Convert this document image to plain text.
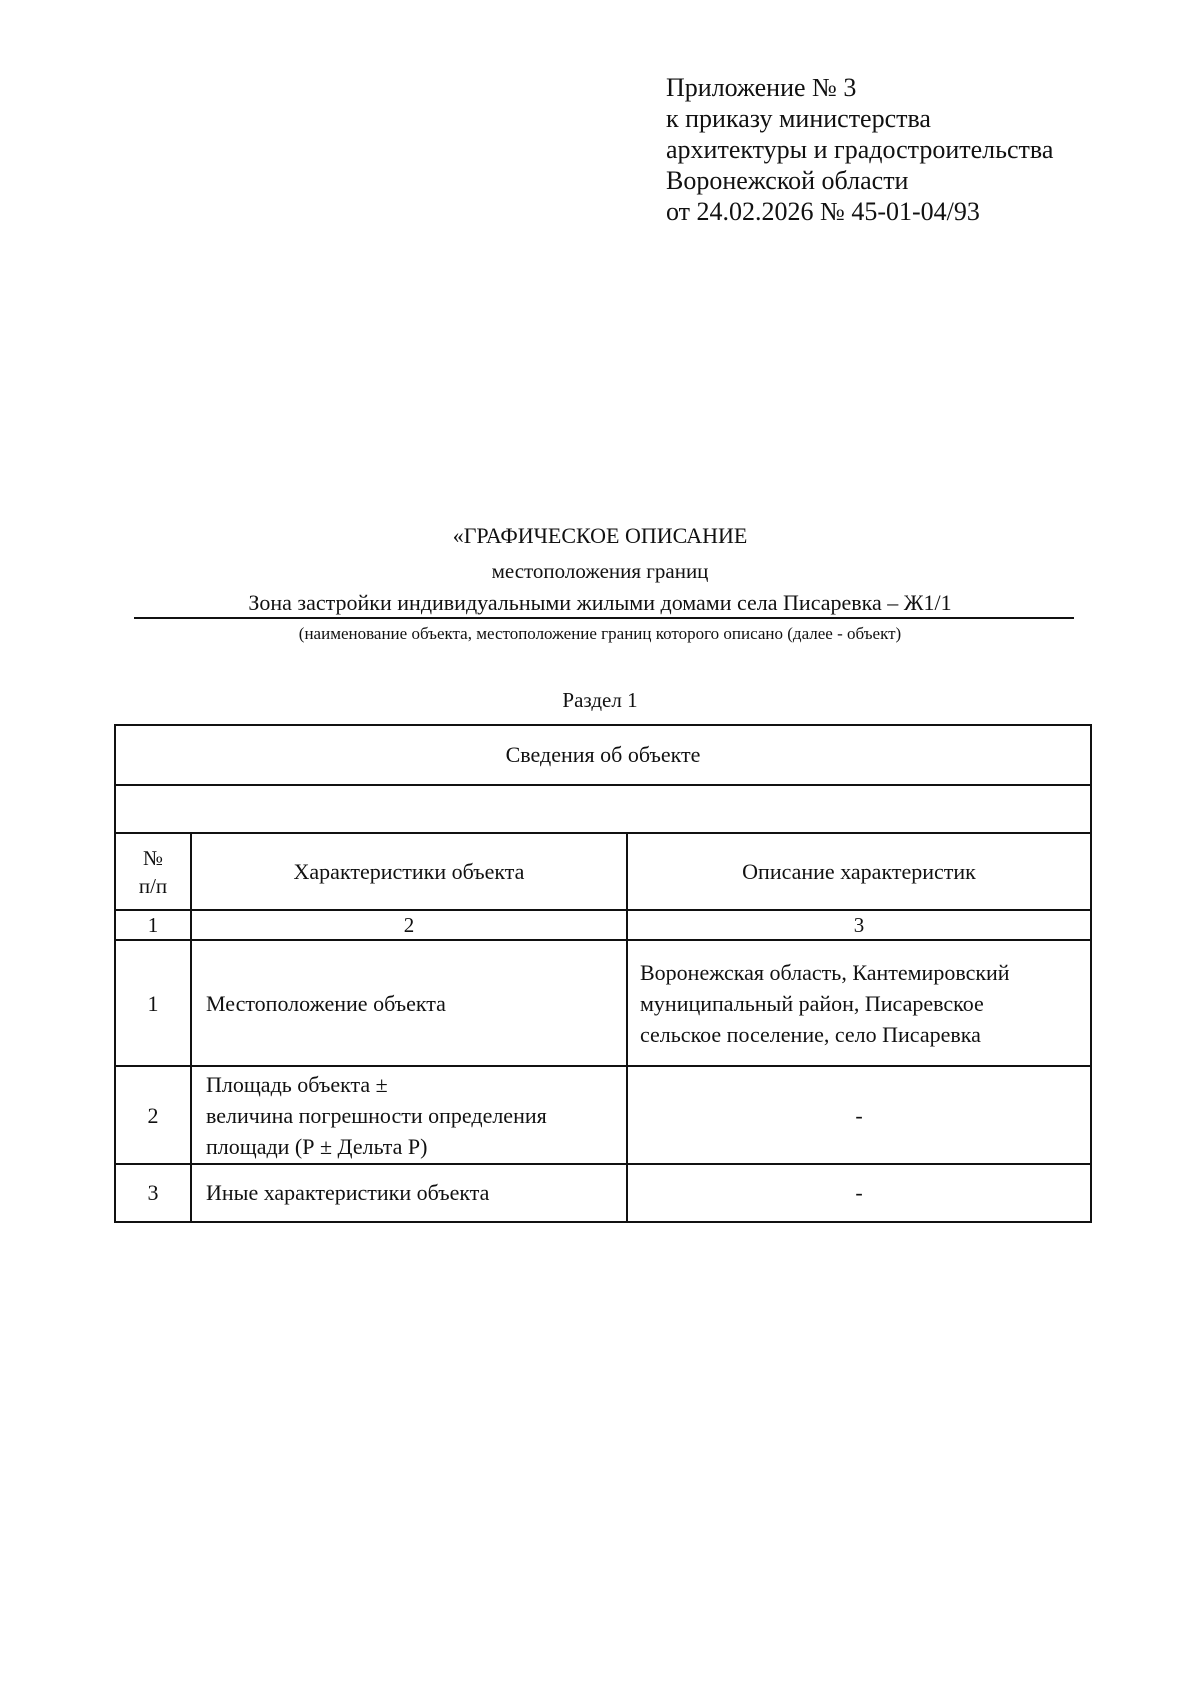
Приложение № 3
к приказу министерства
архитектуры и градостроительства
Воронежской области
от 24.02.2026 № 45-01-04/93
«ГРАФИЧЕСКОЕ ОПИСАНИЕ
местоположения границ
Зона застройки индивидуальными жилыми домами села Писаревка – Ж1/1
(наименование объекта, местоположение границ которого описано (далее - объект)
Раздел 1
Сведения об объекте		

№
п/п	Характеристики объекта	Описание характеристик
1	2	3
1	Местоположение объекта	Воронежская область, Кантемировский
муниципальный район, Писаревское
сельское поселение, село Писаревка

2	Площадь объекта ±
величина погрешности определения
площади (Р ± Дельта Р)	-
3	Иные характеристики объекта	-
